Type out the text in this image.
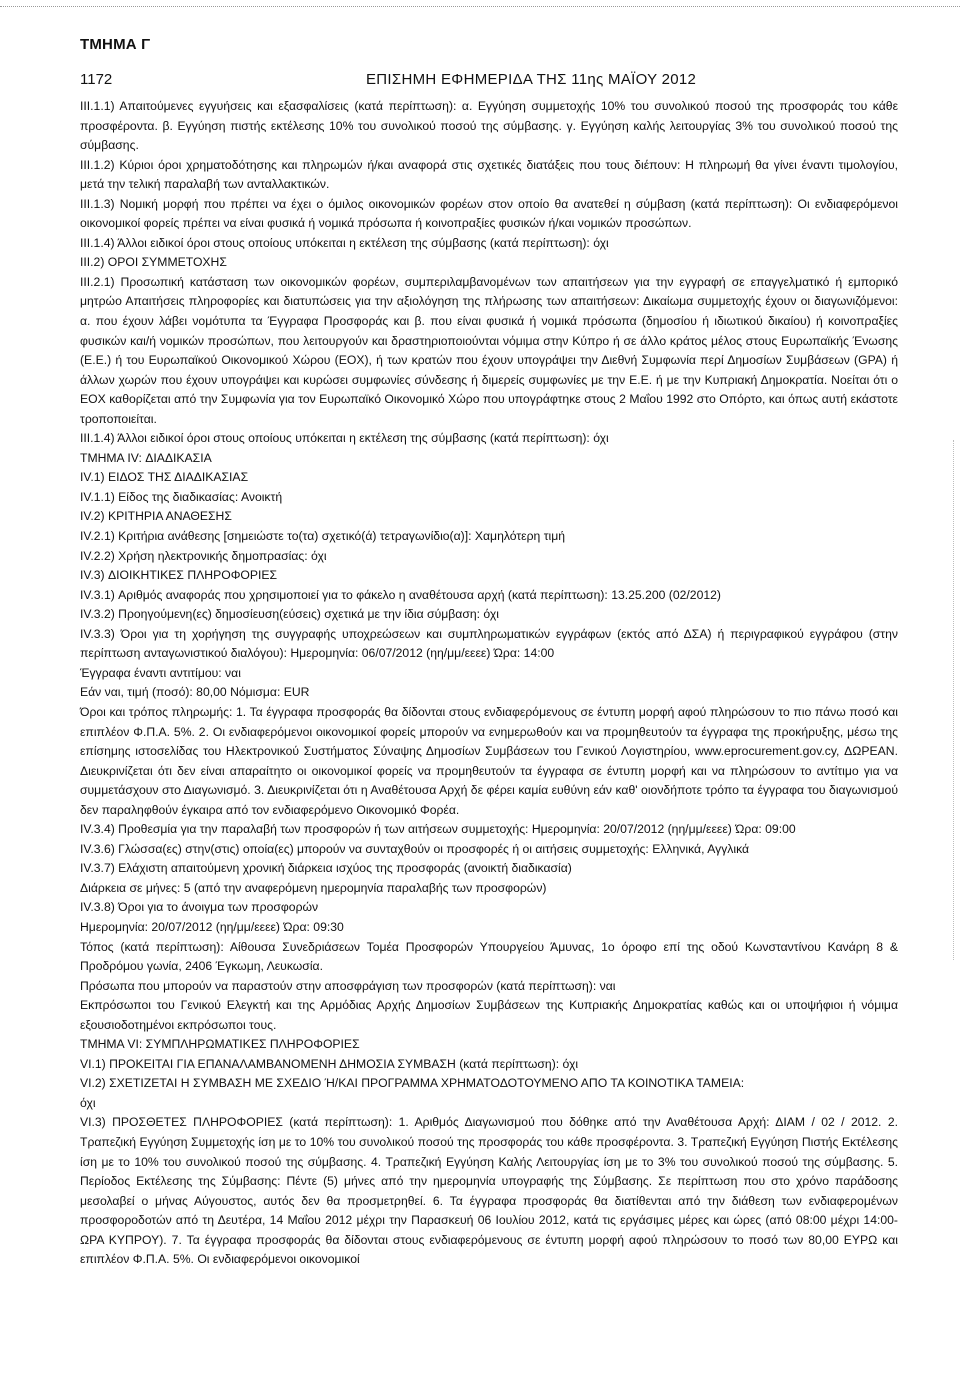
ΤΜΗΜΑ Γ
1172	ΕΠΙΣΗΜΗ ΕΦΗΜΕΡΙΔΑ ΤΗΣ 11ης ΜΑΪΟΥ 2012

ΙΙΙ.1.1) Απαιτούμενες εγγυήσεις και εξασφαλίσεις (κατά περίπτωση): α. Εγγύηση συμμετοχής 10% του συνολικού ποσού της προσφοράς του κάθε προσφέροντα. β. Εγγύηση πιστής εκτέλεσης 10% του συνολικού ποσού της σύμβασης. γ. Εγγύηση καλής λειτουργίας 3% του συνολικού ποσού της σύμβασης.

ΙΙΙ.1.2) Κύριοι όροι χρηματοδότησης και πληρωμών ή/και αναφορά στις σχετικές διατάξεις που τους διέπουν: Η πληρωμή θα γίνει έναντι τιμολογίου, μετά την τελική παραλαβή των ανταλλακτικών.

ΙΙΙ.1.3) Νομική μορφή που πρέπει να έχει ο όμιλος οικονομικών φορέων στον οποίο θα ανατεθεί η σύμβαση (κατά περίπτωση): Οι ενδιαφερόμενοι οικονομικοί φορείς πρέπει να είναι φυσικά ή νομικά πρόσωπα ή κοινοπραξίες φυσικών ή/και νομικών προσώπων.

ΙΙΙ.1.4) Άλλοι ειδικοί όροι στους οποίους υπόκειται η εκτέλεση της σύμβασης (κατά περίπτωση): όχι

ΙΙΙ.2) ΟΡΟΙ ΣΥΜΜΕΤΟΧΗΣ

ΙΙΙ.2.1) Προσωπική κατάσταση των οικονομικών φορέων, συμπεριλαμβανομένων των απαιτήσεων για την εγγραφή σε επαγγελματικό ή εμπορικό μητρώο Απαιτήσεις πληροφορίες και διατυπώσεις για την αξιολόγηση της πλήρωσης των απαιτήσεων: Δικαίωμα συμμετοχής έχουν οι διαγωνιζόμενοι: α. που έχουν λάβει νομότυπα τα Έγγραφα Προσφοράς και β. που είναι φυσικά ή νομικά πρόσωπα (δημοσίου ή ιδιωτικού δικαίου) ή κοινοπραξίες φυσικών και/ή νομικών προσώπων, που λειτουργούν και δραστηριοποιούνται νόμιμα στην Κύπρο ή σε άλλο κράτος μέλος στους Ευρωπαϊκής Ένωσης (Ε.Ε.) ή του Ευρωπαϊκού Οικονομικού Χώρου (ΕΟΧ), ή των κρατών που έχουν υπογράψει την Διεθνή Συμφωνία περί Δημοσίων Συμβάσεων (GPA) ή άλλων χωρών που έχουν υπογράψει και κυρώσει συμφωνίες σύνδεσης ή διμερείς συμφωνίες με την Ε.Ε. ή με την Κυπριακή Δημοκρατία. Νοείται ότι ο ΕΟΧ καθορίζεται από την Συμφωνία για τον Ευρωπαϊκό Οικονομικό Χώρο που υπογράφτηκε στους 2 Μαΐου 1992 στο Οπόρτο, και όπως αυτή εκάστοτε τροποποιείται.

ΙΙΙ.1.4) Άλλοι ειδικοί όροι στους οποίους υπόκειται η εκτέλεση της σύμβασης (κατά περίπτωση): όχι

ΤΜΗΜΑ IV: ΔΙΑΔΙΚΑΣΙΑ

IV.1) ΕΙΔΟΣ ΤΗΣ ΔΙΑΔΙΚΑΣΙΑΣ

IV.1.1) Είδος της διαδικασίας: Ανοικτή

IV.2) ΚΡΙΤΗΡΙΑ ΑΝΑΘΕΣΗΣ

IV.2.1) Κριτήρια ανάθεσης [σημειώστε το(τα) σχετικό(ά) τετραγωνίδιο(α)]: Χαμηλότερη τιμή

IV.2.2) Χρήση ηλεκτρονικής δημοπρασίας: όχι

IV.3) ΔΙΟΙΚΗΤΙΚΕΣ ΠΛΗΡΟΦΟΡΙΕΣ

IV.3.1) Αριθμός αναφοράς που χρησιμοποιεί για το φάκελο η αναθέτουσα αρχή (κατά περίπτωση): 13.25.200 (02/2012)

IV.3.2) Προηγούμενη(ες) δημοσίευση(εύσεις) σχετικά με την ίδια σύμβαση: όχι

IV.3.3) Όροι για τη χορήγηση της συγγραφής υποχρεώσεων και συμπληρωματικών εγγράφων (εκτός από ΔΣΑ) ή περιγραφικού εγγράφου (στην περίπτωση ανταγωνιστικού διαλόγου): Ημερομηνία: 06/07/2012 (ηη/μμ/εεεε) Ώρα: 14:00

Έγγραφα έναντι αντιτίμου: ναι

Εάν ναι, τιμή (ποσό): 80,00 Νόμισμα: EUR

Όροι και τρόπος πληρωμής: 1. Τα έγγραφα προσφοράς θα δίδονται στους ενδιαφερόμενους σε έντυπη μορφή αφού πληρώσουν το πιο πάνω ποσό και επιπλέον Φ.Π.Α. 5%. 2. Οι ενδιαφερόμενοι οικονομικοί φορείς μπορούν να ενημερωθούν και να προμηθευτούν τα έγγραφα της προκήρυξης, μέσω της επίσημης ιστοσελίδας του Ηλεκτρονικού Συστήματος Σύναψης Δημοσίων Συμβάσεων του Γενικού Λογιστηρίου, www.eprocurement.gov.cy, ΔΩΡΕΑΝ. Διευκρινίζεται ότι δεν είναι απαραίτητο οι οικονομικοί φορείς να προμηθευτούν τα έγγραφα σε έντυπη μορφή και να πληρώσουν το αντίτιμο για να συμμετάσχουν στο Διαγωνισμό. 3. Διευκρινίζεται ότι η Αναθέτουσα Αρχή δε φέρει καμία ευθύνη εάν καθ' οιονδήποτε τρόπο τα έγγραφα του διαγωνισμού δεν παραληφθούν έγκαιρα από τον ενδιαφερόμενο Οικονομικό Φορέα.

IV.3.4) Προθεσμία για την παραλαβή των προσφορών ή των αιτήσεων συμμετοχής: Ημερομηνία: 20/07/2012 (ηη/μμ/εεεε) Ώρα: 09:00

IV.3.6) Γλώσσα(ες) στην(στις) οποία(ες) μπορούν να συνταχθούν οι προσφορές ή οι αιτήσεις συμμετοχής: Ελληνικά, Αγγλικά

IV.3.7) Ελάχιστη απαιτούμενη χρονική διάρκεια ισχύος της προσφοράς (ανοικτή διαδικασία)

Διάρκεια σε μήνες: 5 (από την αναφερόμενη ημερομηνία παραλαβής των προσφορών)

IV.3.8) Όροι για το άνοιγμα των προσφορών

Ημερομηνία: 20/07/2012 (ηη/μμ/εεεε) Ώρα: 09:30

Τόπος (κατά περίπτωση): Αίθουσα Συνεδριάσεων Τομέα Προσφορών Υπουργείου Άμυνας, 1ο όροφο επί της οδού Κωνσταντίνου Κανάρη 8 & Προδρόμου γωνία, 2406 Έγκωμη, Λευκωσία.

Πρόσωπα που μπορούν να παραστούν στην αποσφράγιση των προσφορών (κατά περίπτωση): ναι

Εκπρόσωποι του Γενικού Ελεγκτή και της Αρμόδιας Αρχής Δημοσίων Συμβάσεων της Κυπριακής Δημοκρατίας καθώς και οι υποψήφιοι ή νόμιμα εξουσιοδοτημένοι εκπρόσωποι τους.

ΤΜΗΜΑ VI: ΣΥΜΠΛΗΡΩΜΑΤΙΚΕΣ ΠΛΗΡΟΦΟΡΙΕΣ

VI.1) ΠΡΟΚΕΙΤΑΙ ΓΙΑ ΕΠΑΝΑΛΑΜΒΑΝΟΜΕΝΗ ΔΗΜΟΣΙΑ ΣΥΜΒΑΣΗ (κατά περίπτωση): όχι

VI.2) ΣΧΕΤΙΖΕΤΑΙ Η ΣΥΜΒΑΣΗ ΜΕ ΣΧΕΔΙΟ Ή/ΚΑΙ ΠΡΟΓΡΑΜΜΑ ΧΡΗΜΑΤΟΔΟΤΟΥΜΕΝΟ ΑΠΟ ΤΑ ΚΟΙΝΟΤΙΚΑ ΤΑΜΕΙΑ:

όχι

VI.3) ΠΡΟΣΘΕΤΕΣ ΠΛΗΡΟΦΟΡΙΕΣ (κατά περίπτωση): 1. Αριθμός Διαγωνισμού που δόθηκε από την Αναθέτουσα Αρχή: ΔΙΑΜ / 02 / 2012. 2. Τραπεζική Εγγύηση Συμμετοχής ίση με το 10% του συνολικού ποσού της προσφοράς του κάθε προσφέροντα. 3. Τραπεζική Εγγύηση Πιστής Εκτέλεσης ίση με το 10% του συνολικού ποσού της σύμβασης. 4. Τραπεζική Εγγύηση Καλής Λειτουργίας ίση με το 3% του συνολικού ποσού της σύμβασης. 5. Περίοδος Εκτέλεσης της Σύμβασης: Πέντε (5) μήνες από την ημερομηνία υπογραφής της Σύμβασης. Σε περίπτωση που στο χρόνο παράδοσης μεσολαβεί ο μήνας Αύγουστος, αυτός δεν θα προσμετρηθεί. 6. Τα έγγραφα προσφοράς θα διατίθενται από την διάθεση των ενδιαφερομένων προσφοροδοτών από τη Δευτέρα, 14 Μαΐου 2012 μέχρι την Παρασκευή 06 Ιουλίου 2012, κατά τις εργάσιμες μέρες και ώρες (από 08:00 μέχρι 14:00-ΩΡΑ ΚΥΠΡΟΥ). 7. Τα έγγραφα προσφοράς θα δίδονται στους ενδιαφερόμενους σε έντυπη μορφή αφού πληρώσουν το ποσό των 80,00 ΕΥΡΩ και επιπλέον Φ.Π.Α. 5%. Οι ενδιαφερόμενοι οικονομικοί
